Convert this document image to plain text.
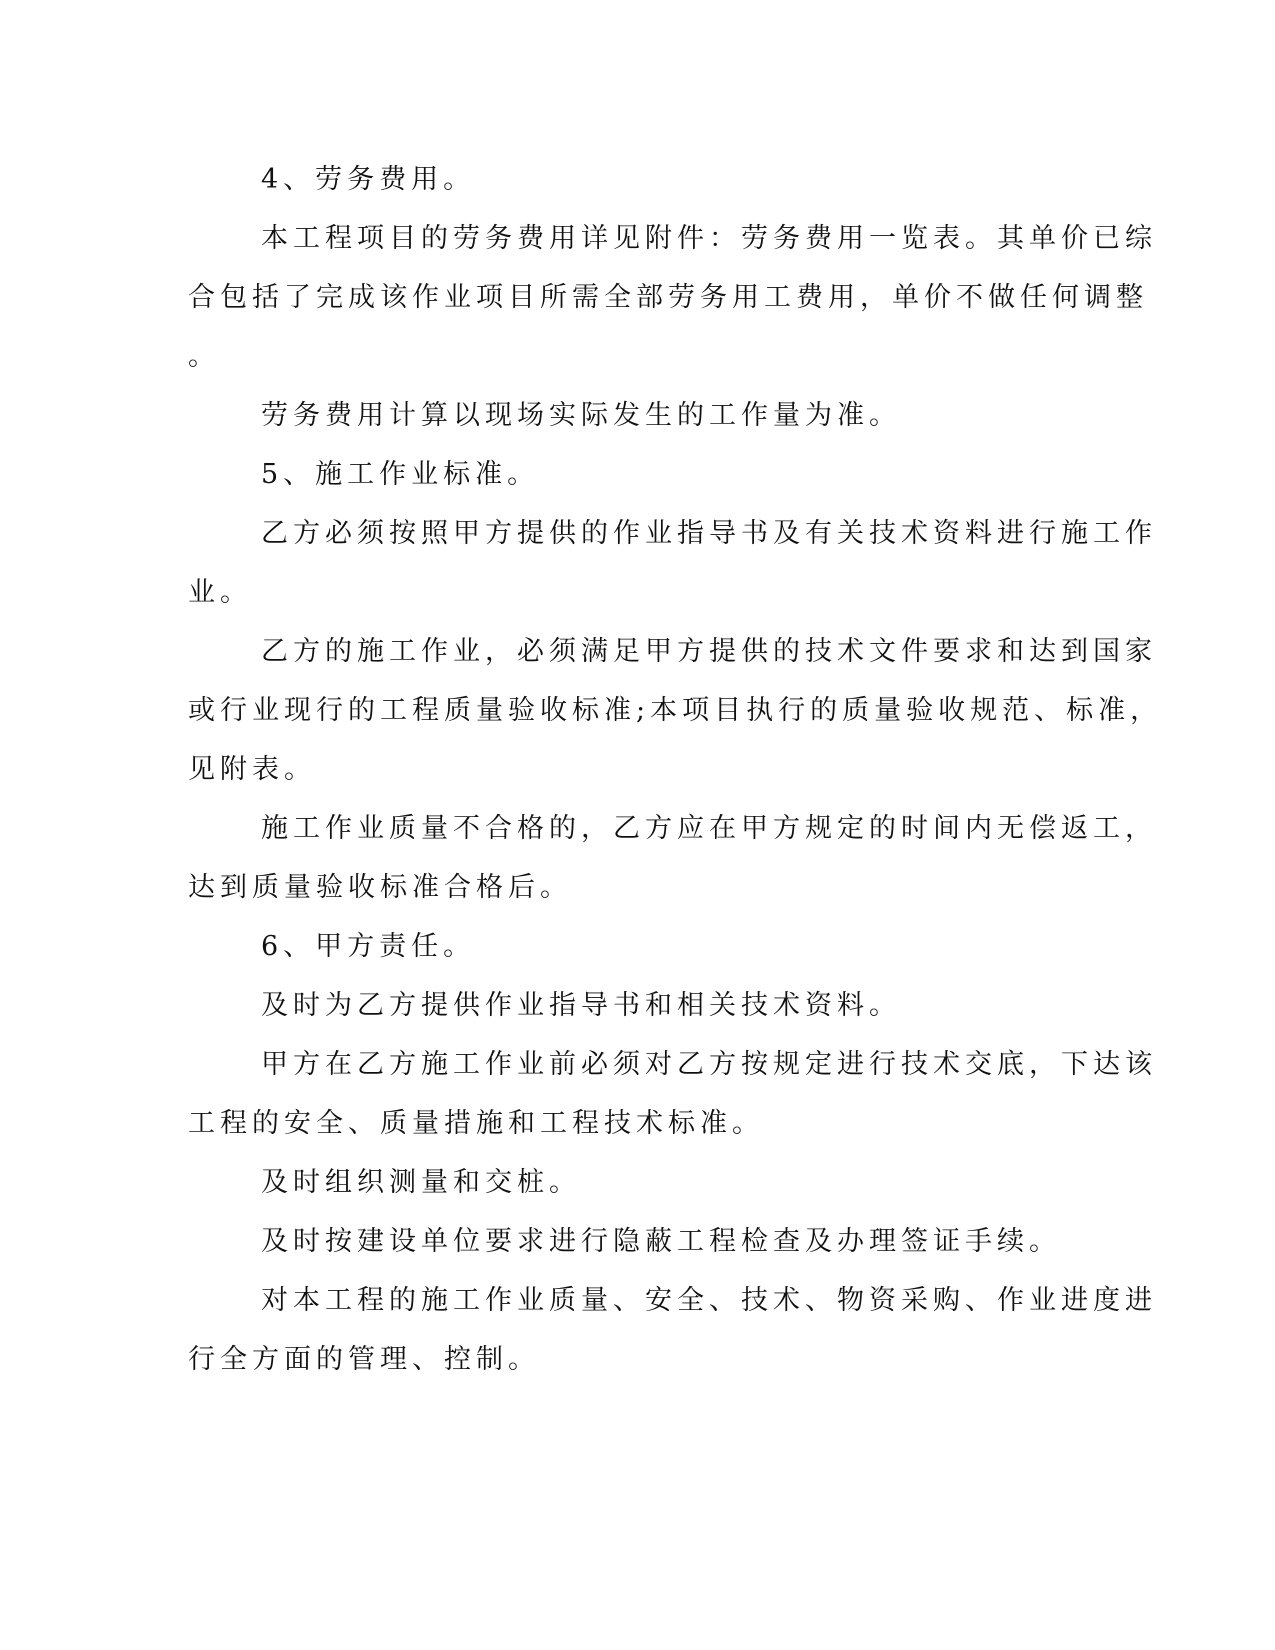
4、劳务费用。
本工程项目的劳务费用详见附件：劳务费用一览表。其单价已综
合包括了完成该作业项目所需全部劳务用工费用，单价不做任何调整
。
劳务费用计算以现场实际发生的工作量为准。
5、施工作业标准。
乙方必须按照甲方提供的作业指导书及有关技术资料进行施工作
业。
乙方的施工作业，必须满足甲方提供的技术文件要求和达到国家
或行业现行的工程质量验收标准;本项目执行的质量验收规范、标准，
见附表。
施工作业质量不合格的，乙方应在甲方规定的时间内无偿返工，
达到质量验收标准合格后。
6、甲方责任。
及时为乙方提供作业指导书和相关技术资料。
甲方在乙方施工作业前必须对乙方按规定进行技术交底，下达该
工程的安全、质量措施和工程技术标准。
及时组织测量和交桩。
及时按建设单位要求进行隐蔽工程检查及办理签证手续。
对本工程的施工作业质量、安全、技术、物资采购、作业进度进
行全方面的管理、控制。
